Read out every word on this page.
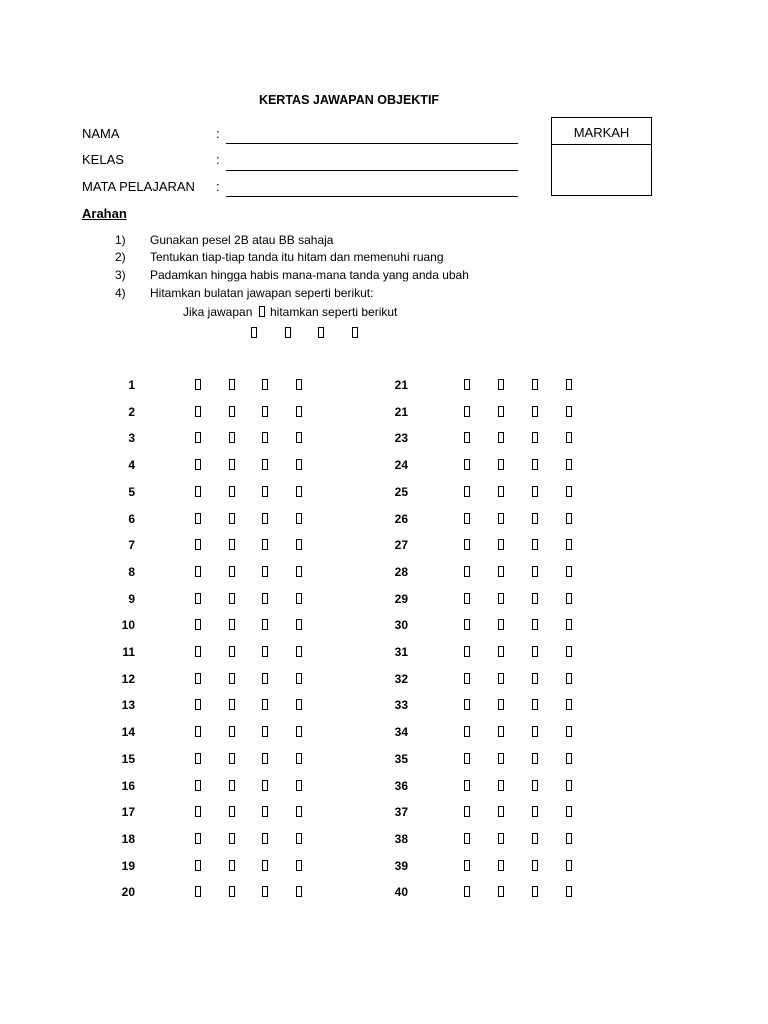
KERTAS JAWAPAN OBJEKTIF
NAMA	:
KELAS	:
MATA PELAJARAN :
MARKAH
Arahan
1) Gunakan pesel 2B atau BB sahaja
2) Tentukan tiap-tiap tanda itu hitam dan memenuhi ruang
3) Padamkan hingga habis mana-mana tanda yang anda ubah
4) Hitamkan bulatan jawapan seperti berikut:
Jika jawapan hitamkan seperti berikut
1
2
3
4
5
6
7
8
9
10
11
12
13
14
15
16
17
18
19
20
21
21
23
24
25
26
27
28
29
30
31
32
33
34
35
36
37
38
39
40
